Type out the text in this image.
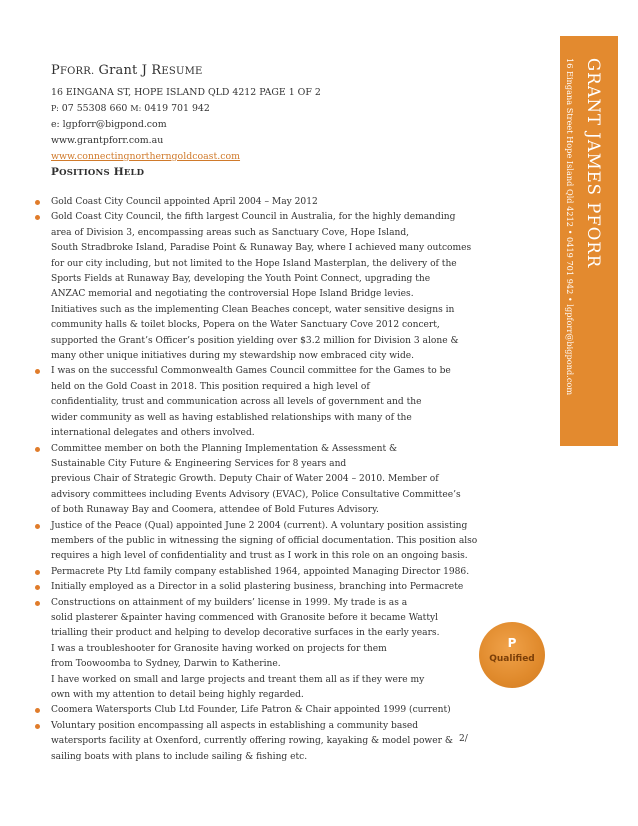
PFORR. Grant J RESUME
16 EINGANA ST, HOPE ISLAND QLD 4212 PAGE 1 OF 2
P: 07 55308 660 M: 0419 701 942
e: lgpforr@bigpond.com
www.grantpforr.com.au
www.connectingnortherngoldcoast.com
POSITIONS HELD
Gold Coast City Council appointed April 2004 – May 2012
Gold Coast City Council, the fifth largest Council in Australia, for the highly demanding
area of Division 3, encompassing areas such as Sanctuary Cove, Hope Island,
South Stradbroke Island, Paradise Point & Runaway Bay, where I achieved many outcomes
for our city including, but not limited to the Hope Island Masterplan, the delivery of the
Sports Fields at Runaway Bay, developing the Youth Point Connect, upgrading the
ANZAC memorial and negotiating the controversial Hope Island Bridge levies.
Initiatives such as the implementing Clean Beaches concept, water sensitive designs in
community halls & toilet blocks, Popera on the Water Sanctuary Cove 2012 concert,
supported the Grant’s Officer’s position yielding over $3.2 million for Division 3 alone &
many other unique initiatives during my stewardship now embraced city wide.
I was on the successful Commonwealth Games Council committee for the Games to be
held on the Gold Coast in 2018. This position required a high level of
confidentiality, trust and communication across all levels of government and the
wider community as well as having established relationships with many of the
international delegates and others involved.
Committee member on both the Planning Implementation & Assessment &
Sustainable City Future & Engineering Services for 8 years and
previous Chair of Strategic Growth. Deputy Chair of Water 2004 – 2010. Member of
advisory committees including Events Advisory (EVAC), Police Consultative Committee’s
of both Runaway Bay and Coomera, attendee of Bold Futures Advisory.
Justice of the Peace (Qual) appointed June 2 2004 (current). A voluntary position assisting
members of the public in witnessing the signing of official documentation. This position also
requires a high level of confidentiality and trust as I work in this role on an ongoing basis.
Permacrete Pty Ltd family company established 1964, appointed Managing Director 1986.
Initially employed as a Director in a solid plastering business, branching into Permacrete
Constructions on attainment of my builders’ license in 1999. My trade is as a
solid plasterer &painter having commenced with Granosite before it became Wattyl
trialling their product and helping to develop decorative surfaces in the early years.
I was a troubleshooter for Granosite having worked on projects for them
from Toowoomba to Sydney, Darwin to Katherine.
I have worked on small and large projects and treant them all as if they were my
own with my attention to detail being highly regarded.
Coomera Watersports Club Ltd Founder, Life Patron & Chair appointed 1999 (current)
Voluntary position encompassing all aspects in establishing a community based
watersports facility at Oxenford, currently offering rowing, kayaking & model power &
sailing boats with plans to include sailing & fishing etc.
2/
GRANT JAMES PFORR
16 Eingana Street Hope Island Qld 4212 • 0419 701 942 • lgpforr@bigpond.com
P
Qualified
